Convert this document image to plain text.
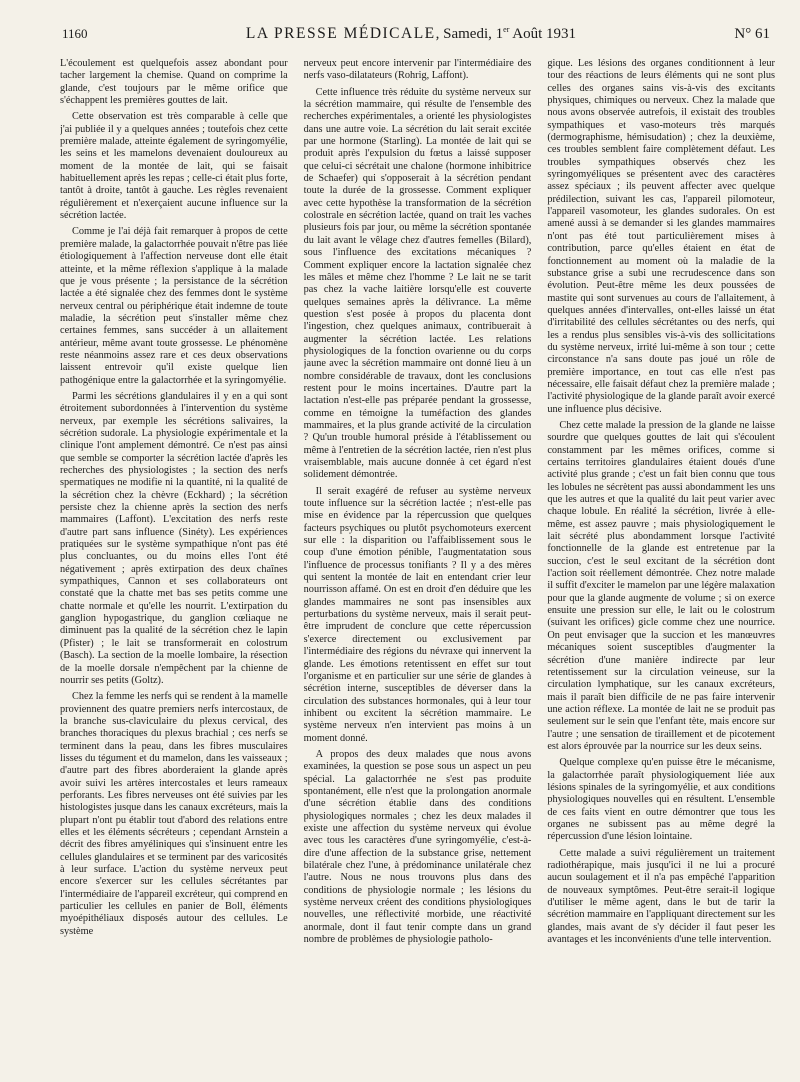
1160	LA PRESSE MÉDICALE, Samedi, 1er Août 1931	N° 61

L'écoulement est quelquefois assez abondant pour tacher largement la chemise. Quand on comprime la glande, c'est toujours par le même orifice que s'échappent les premières gouttes de lait.

Cette observation est très comparable à celle que j'ai publiée il y a quelques années ; toutefois chez cette première malade, atteinte également de syringomyélie, les seins et les mamelons devenaient douloureux au moment de la montée de lait, qui se faisait habituellement après les repas ; celle-ci était plus forte, tantôt à droite, tantôt à gauche. Les règles revenaient régulièrement et n'exerçaient aucune influence sur la sécrétion lactée.

Comme je l'ai déjà fait remarquer à propos de cette première malade, la galactorrhée pouvait n'être pas liée étiologiquement à l'affection nerveuse dont elle était atteinte, et la même réflexion s'applique à la malade que je vous présente ; la persistance de la sécrétion lactée a été signalée chez des femmes dont le système nerveux central ou périphérique était indemne de toute maladie, la sécrétion peut s'installer même chez certaines femmes, sans succéder à un allaitement antérieur, même avant toute grossesse. Le phénomène reste néanmoins assez rare et ces deux observations laissent entrevoir qu'il existe quelque lien pathogénique entre la galactorrhée et la syringomyélie.

Parmi les sécrétions glandulaires il y en a qui sont étroitement subordonnées à l'intervention du système nerveux, par exemple les sécrétions salivaires, la sécrétion sudorale. La physiologie expérimentale et la clinique l'ont amplement démontré. Ce n'est pas ainsi que semble se comporter la sécrétion lactée d'après les recherches des physiologistes ; la section des nerfs spermatiques ne modifie ni la quantité, ni la qualité de la sécrétion chez la chèvre (Eckhard) ; la sécrétion persiste chez la chienne après la section des nerfs mammaires (Laffont). L'excitation des nerfs reste d'autre part sans influence (Sinéty). Les expériences pratiquées sur le système sympathique n'ont pas été plus concluantes, ou du moins elles l'ont été négativement ; après extirpation des deux chaînes sympathiques, Cannon et ses collaborateurs ont constaté que la chatte met bas ses petits comme une chatte normale et qu'elle les nourrit. L'extirpation du ganglion hypogastrique, du ganglion cœliaque ne diminuent pas la qualité de la sécrétion chez le lapin (Pfister) ; le lait se transformerait en colostrum (Basch). La section de la moelle lombaire, la résection de la moelle dorsale n'empêchent par la chienne de nourrir ses petits (Goltz).

Chez la femme les nerfs qui se rendent à la mamelle proviennent des quatre premiers nerfs intercostaux, de la branche sus-claviculaire du plexus cervical, des branches thoraciques du plexus brachial ; ces nerfs se terminent dans la peau, dans les fibres musculaires lisses du tégument et du mamelon, dans les vaisseaux ; d'autre part des fibres aborderaient la glande après avoir suivi les artères intercostales et leurs rameaux perforants. Les fibres nerveuses ont été suivies par les histologistes jusque dans les canaux excréteurs, mais la plupart n'ont pu établir tout d'abord des relations entre elles et les éléments sécréteurs ; cependant Arnstein a décrit des fibres amyéliniques qui s'insinuent entre les cellules glandulaires et se terminent par des varicosités à leur surface. L'action du système nerveux peut encore s'exercer sur les cellules sécrétantes par l'intermédiaire de l'appareil excréteur, qui comprend en particulier les cellules en panier de Boll, éléments myoépithéliaux disposés autour des cellules. Le système

nerveux peut encore intervenir par l'intermédiaire des nerfs vaso-dilatateurs (Rohrig, Laffont).

Cette influence très réduite du système nerveux sur la sécrétion mammaire, qui résulte de l'ensemble des recherches expérimentales, a orienté les physiologistes dans une autre voie. La sécrétion du lait serait excitée par une hormone (Starling). La montée de lait qui se produit après l'expulsion du fœtus a laissé supposer que celui-ci sécrétait une chalone (hormone inhibitrice de Schaefer) qui s'opposerait à la sécrétion pendant toute la durée de la grossesse. Comment expliquer avec cette hypothèse la transformation de la sécrétion colostrale en sécrétion lactée, quand on trait les vaches plusieurs fois par jour, ou même la sécrétion spontanée du lait avant le vêlage chez d'autres femelles (Bilard), sous l'influence des excitations mécaniques ? Comment expliquer encore la lactation signalée chez les mâles et même chez l'homme ? Le lait ne se tarit pas chez la vache laitière lorsqu'elle est couverte quelques semaines après la délivrance. La même question s'est posée à propos du placenta dont l'ingestion, chez quelques animaux, contribuerait à augmenter la sécrétion lactée. Les relations physiologiques de la fonction ovarienne ou du corps jaune avec la sécrétion mammaire ont donné lieu à un nombre considérable de travaux, dont les conclusions restent pour le moins incertaines. D'autre part la lactation n'est-elle pas préparée pendant la grossesse, comme en témoigne la tuméfaction des glandes mammaires, et la plus grande activité de la circulation ? Qu'un trouble humoral préside à l'établissement ou même à l'entretien de la sécrétion lactée, rien n'est plus vraisemblable, mais aucune donnée à cet égard n'est solidement démontrée.

Il serait exagéré de refuser au système nerveux toute influence sur la sécrétion lactée ; n'est-elle pas mise en évidence par la répercussion que quelques facteurs psychiques ou plutôt psychomoteurs exercent sur elle : la disparition ou l'affaiblissement sous le coup d'une émotion pénible, l'augmentatation sous l'influence de processus tonifiants ? Il y a des mères qui sentent la montée de lait en entendant crier leur nourrisson affamé. On est en droit d'en déduire que les glandes mammaires ne sont pas insensibles aux perturbations du système nerveux, mais il serait peut-être imprudent de conclure que cette répercussion s'exerce directement ou exclusivement par l'intermédiaire des régions du névraxe qui innervent la glande. Les émotions retentissent en effet sur tout l'organisme et en particulier sur une série de glandes à sécrétion interne, susceptibles de déverser dans la circulation des substances hormonales, qui à leur tour inhibent ou excitent la sécrétion mammaire. Le système nerveux n'en intervient pas moins à un moment donné.

A propos des deux malades que nous avons examinées, la question se pose sous un aspect un peu spécial. La galactorrhée ne s'est pas produite spontanément, elle n'est que la prolongation anormale d'une sécrétion établie dans des conditions physiologiques normales ; chez les deux malades il existe une affection du système nerveux qui évolue avec tous les caractères d'une syringomyélie, c'est-à-dire d'une affection de la substance grise, nettement bilatérale chez l'une, à prédominance unilatérale chez l'autre. Nous ne nous trouvons plus dans des conditions de physiologie normale ; les lésions du système nerveux créent des conditions physiologiques nouvelles, une réflectivité morbide, une réactivité anormale, dont il faut tenir compte dans un grand nombre de problèmes de physiologie patholo-

gique. Les lésions des organes conditionnent à leur tour des réactions de leurs éléments qui ne sont plus celles des organes sains vis-à-vis des excitants physiques, chimiques ou nerveux. Chez la malade que nous avons observée autrefois, il existait des troubles sympathiques et vaso-moteurs très marqués (dermographisme, hémisudation) ; chez la deuxième, ces troubles semblent faire complètement défaut. Les troubles sympathiques observés chez les syringomyéliques se présentent avec des caractères assez spéciaux ; ils peuvent affecter avec quelque prédilection, suivant les cas, l'appareil pilomoteur, l'appareil vasomoteur, les glandes sudorales. On est amené aussi à se demander si les glandes mammaires n'ont pas été tout particulièrement mises à contribution, parce qu'elles étaient en état de fonctionnement au moment où la maladie de la substance grise a subi une recrudescence dans son évolution. Peut-être même les deux poussées de mastite qui sont survenues au cours de l'allaitement, à quelques années d'intervalles, ont-elles laissé un état d'irritabilité des cellules sécrétantes ou des nerfs, qui les a rendus plus sensibles vis-à-vis des sollicitations du système nerveux, irrité lui-même à son tour ; cette circonstance n'a sans doute pas joué un rôle de première importance, en tout cas elle n'est pas nécessaire, elle faisait défaut chez la première malade ; l'activité physiologique de la glande paraît avoir exercé une influence plus décisive.

Chez cette malade la pression de la glande ne laisse sourdre que quelques gouttes de lait qui s'écoulent constamment par les mêmes orifices, comme si certains territoires glandulaires étaient doués d'une activité plus grande ; c'est un fait bien connu que tous les lobules ne sécrètent pas aussi abondamment les uns que les autres et que la qualité du lait peut varier avec chaque lobule. En réalité la sécrétion, livrée à elle-même, est assez pauvre ; mais physiologiquement le lait sécrété plus abondamment lorsque l'activité fonctionnelle de la glande est entretenue par la succion, c'est le seul excitant de la sécrétion dont l'action soit réellement démontrée. Chez notre malade il suffit d'exciter le mamelon par une légère malaxation pour que la glande augmente de volume ; si on exerce ensuite une pression sur elle, le lait ou le colostrum (suivant les orifices) gicle comme chez une nourrice. On peut envisager que la succion et les manœuvres mécaniques soient susceptibles d'augmenter la sécrétion d'une manière indirecte par leur retentissement sur la circulation veineuse, sur la circulation lymphatique, sur les canaux excréteurs, mais il paraît bien difficile de ne pas faire intervenir une action réflexe. La montée de lait ne se produit pas seulement sur le sein que l'enfant tète, mais encore sur l'autre ; une sensation de tiraillement et de picotement est alors éprouvée par la nourrice sur les deux seins.

Quelque complexe qu'en puisse être le mécanisme, la galactorrhée paraît physiologiquement liée aux lésions spinales de la syringomyélie, et aux conditions physiologiques nouvelles qui en résultent. L'ensemble de ces faits vient en outre démontrer que tous les organes ne subissent pas au même degré la répercussion d'une lésion lointaine.

Cette malade a suivi régulièrement un traitement radiothérapique, mais jusqu'ici il ne lui a procuré aucun soulagement et il n'a pas empêché l'apparition de nouveaux symptômes. Peut-être serait-il logique d'utiliser le même agent, dans le but de tarir la sécrétion mammaire en l'appliquant directement sur les glandes, mais avant de s'y décider il faut peser les avantages et les inconvénients d'une telle intervention.
